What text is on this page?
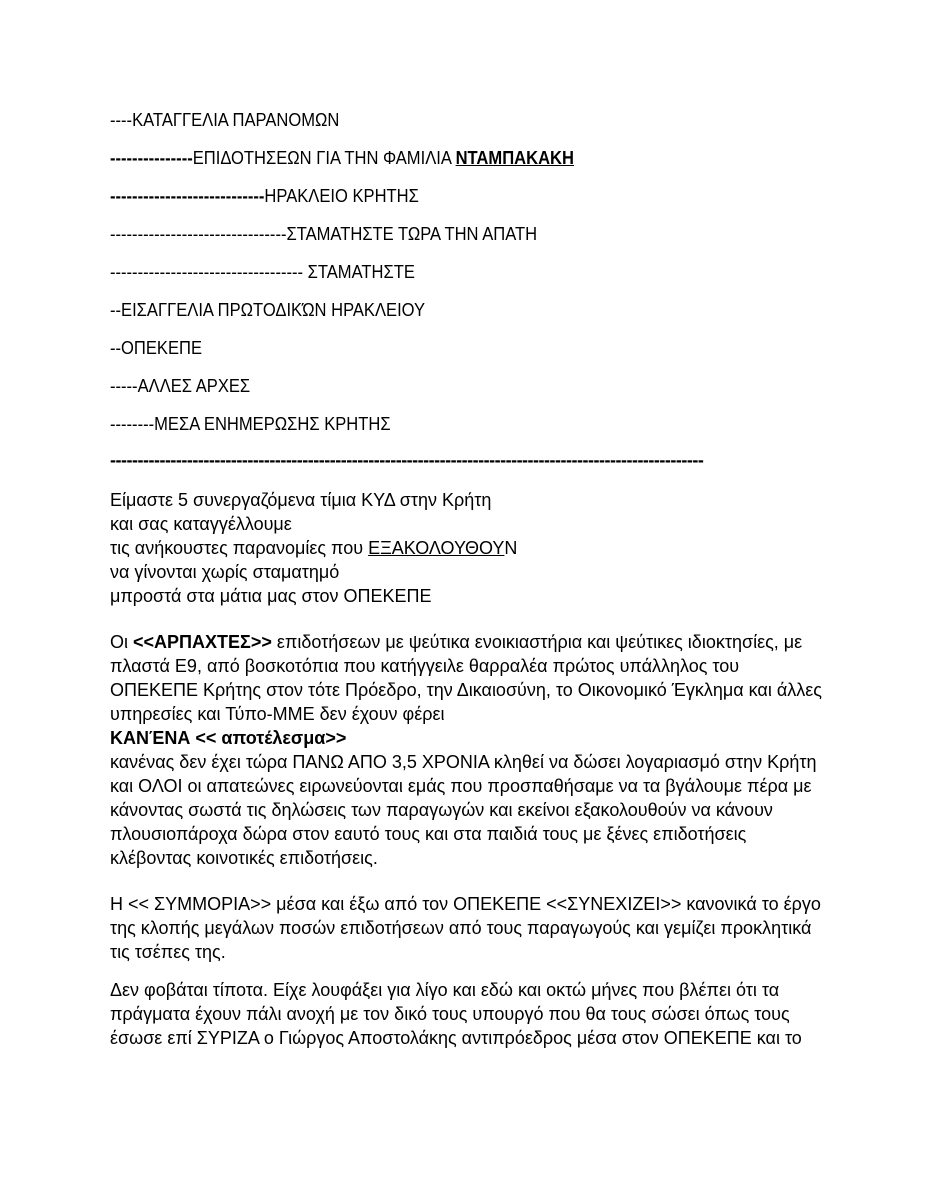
----ΚΑΤΑΓΓΕΛΙΑ ΠΑΡΑΝΟΜΩΝ
---------------ΕΠΙΔΟΤΗΣΕΩΝ ΓΙΑ ΤΗΝ ΦΑΜΙΛΙΑ ΝΤΑΜΠΑΚΑΚΗ
----------------------------ΗΡΑΚΛΕΙΟ ΚΡΗΤΗΣ
--------------------------------ΣΤΑΜΑΤΗΣΤΕ ΤΩΡΑ ΤΗΝ ΑΠΑΤΗ
----------------------------------- ΣΤΑΜΑΤΗΣΤΕ
--ΕΙΣΑΓΓΕΛΙΑ ΠΡΩΤΟΔΙΚΏΝ ΗΡΑΚΛΕΙΟΥ
--ΟΠΕΚΕΠΕ
-----ΑΛΛΕΣ ΑΡΧΕΣ
--------ΜΕΣΑ ΕΝΗΜΕΡΩΣΗΣ ΚΡΗΤΗΣ
------------------------------------------------------------------------------------------------------------

Είμαστε 5 συνεργαζόμενα τίμια ΚΥΔ στην Κρήτη

και σας καταγγέλλουμε

τις ανήκουστες παρανομίες που ΕΞΑΚΟΛΟΥΘΟΥΝ

να γίνονται χωρίς σταματημό

μπροστά στα μάτια μας στον ΟΠΕΚΕΠΕ

Οι <<ΑΡΠΑΧΤΕΣ>> επιδοτήσεων με ψεύτικα ενοικιαστήρια και ψεύτικες ιδιοκτησίες, με πλαστά Ε9, από βοσκοτόπια που κατήγγειλε θαρραλέα πρώτος υπάλληλος του ΟΠΕΚΕΠΕ Κρήτης στον τότε Πρόεδρο, την Δικαιοσύνη, το Οικονομικό Έγκλημα και άλλες υπηρεσίες και Τύπο-ΜΜΕ δεν έχουν φέρει

ΚΑΝΈΝΑ << αποτέλεσμα>>

κανένας δεν έχει τώρα ΠΑΝΩ ΑΠΟ 3,5 ΧΡΟΝΙΑ κληθεί να δώσει λογαριασμό στην Κρήτη και ΟΛΟΙ οι απατεώνες ειρωνεύονται εμάς που προσπαθήσαμε να τα βγάλουμε πέρα με κάνοντας σωστά τις δηλώσεις των παραγωγών και εκείνοι εξακολουθούν να κάνουν πλουσιοπάροχα δώρα στον εαυτό τους και στα παιδιά τους με ξένες επιδοτήσεις κλέβοντας κοινοτικές επιδοτήσεις.

Η << ΣΥΜΜΟΡΙΑ>> μέσα και έξω από τον ΟΠΕΚΕΠΕ <<ΣΥΝΕΧΙΖΕΙ>> κανονικά το έργο της κλοπής μεγάλων ποσών επιδοτήσεων από τους παραγωγούς και γεμίζει προκλητικά τις τσέπες της.

Δεν φοβάται τίποτα. Είχε λουφάξει για λίγο και εδώ και οκτώ μήνες που βλέπει ότι τα πράγματα έχουν πάλι ανοχή με τον δικό τους υπουργό που θα τους σώσει όπως τους έσωσε επί ΣΥΡΙΖΑ ο Γιώργος Αποστολάκης αντιπρόεδρος μέσα στον ΟΠΕΚΕΠΕ και το
